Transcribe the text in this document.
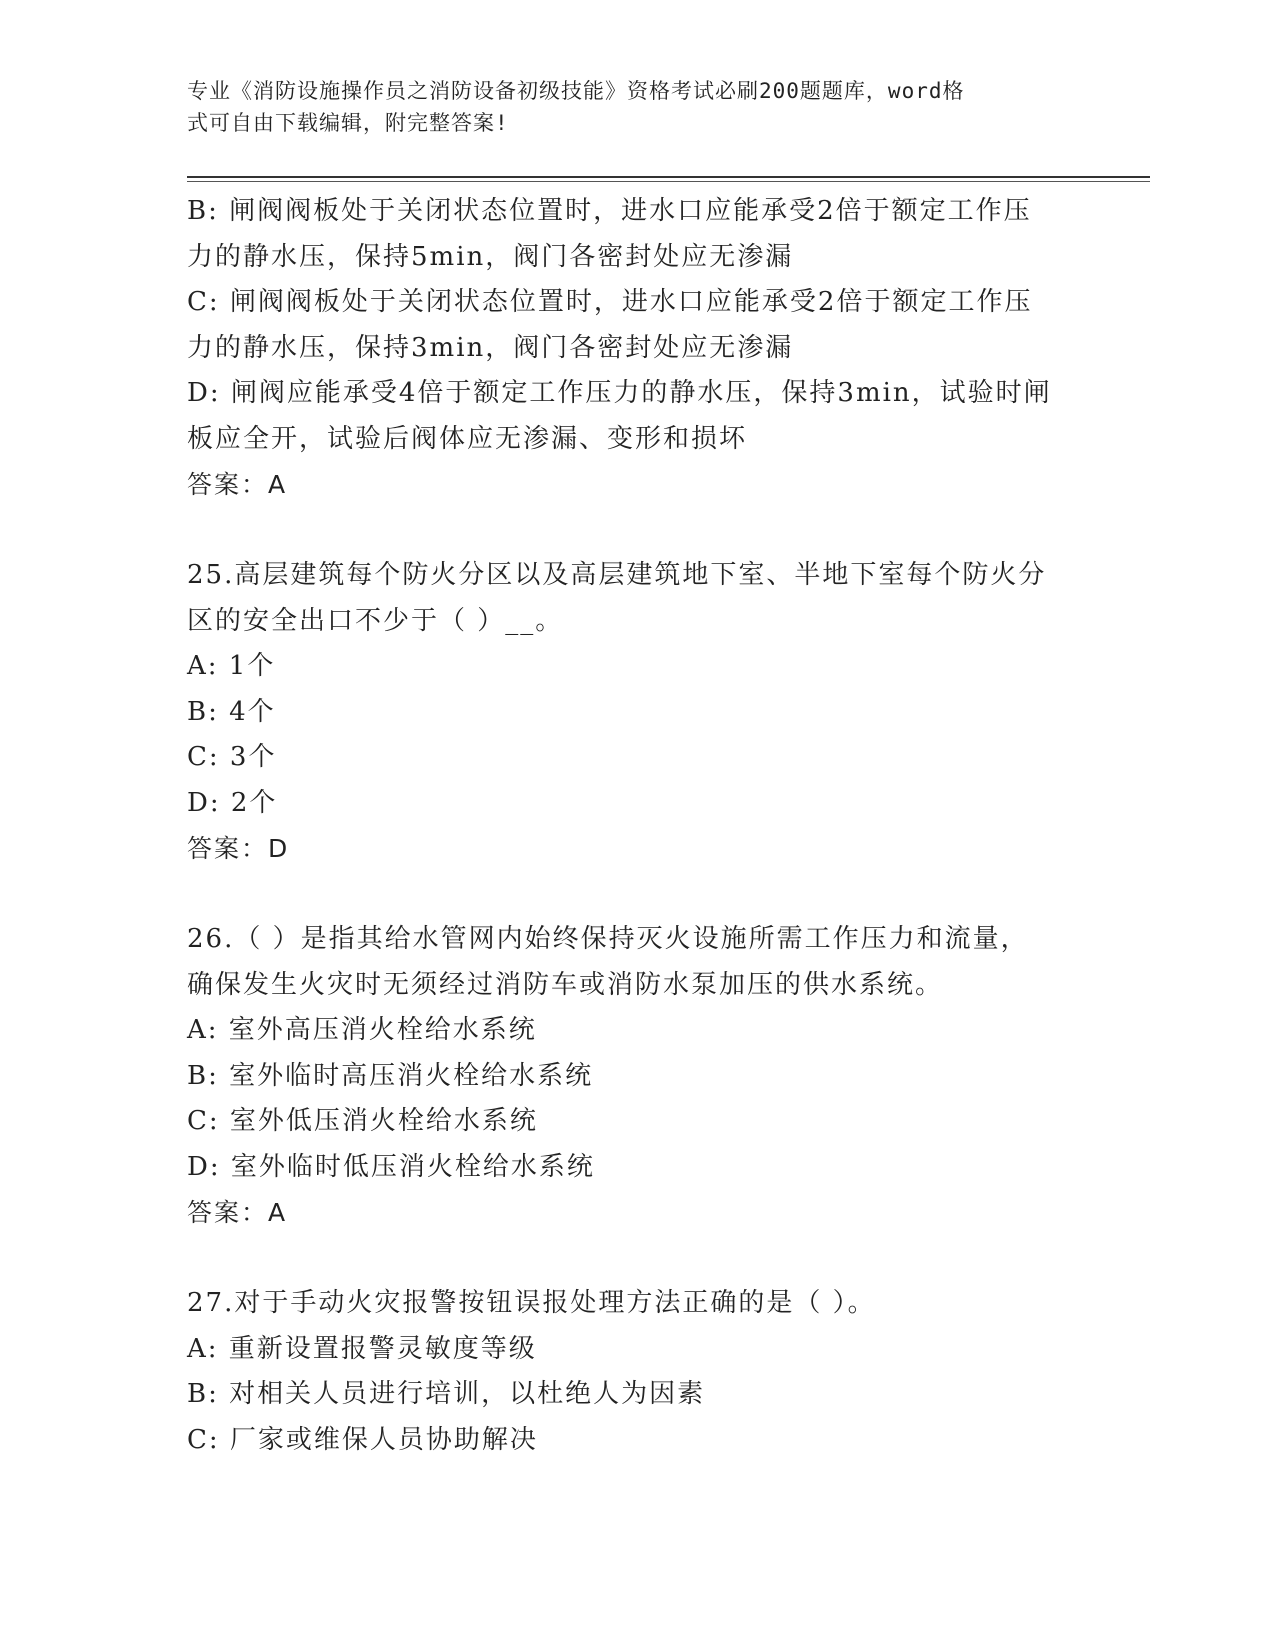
专业《消防设施操作员之消防设备初级技能》资格考试必刷200题题库，word格
式可自由下载编辑，附完整答案!
B: 闸阀阀板处于关闭状态位置时，进水口应能承受2倍于额定工作压
力的静水压，保持5min，阀门各密封处应无渗漏
C: 闸阀阀板处于关闭状态位置时，进水口应能承受2倍于额定工作压
力的静水压，保持3min，阀门各密封处应无渗漏
D: 闸阀应能承受4倍于额定工作压力的静水压，保持3min，试验时闸
板应全开，试验后阀体应无渗漏、变形和损坏
答案：A
25.高层建筑每个防火分区以及高层建筑地下室、半地下室每个防火分
区的安全出口不少于（ ）__。
A: 1个
B: 4个
C: 3个
D: 2个
答案：D
26.（ ）是指其给水管网内始终保持灭火设施所需工作压力和流量，
确保发生火灾时无须经过消防车或消防水泵加压的供水系统。
A: 室外高压消火栓给水系统
B: 室外临时高压消火栓给水系统
C: 室外低压消火栓给水系统
D: 室外临时低压消火栓给水系统
答案：A
27.对于手动火灾报警按钮误报处理方法正确的是（ ）。
A: 重新设置报警灵敏度等级
B: 对相关人员进行培训，以杜绝人为因素
C: 厂家或维保人员协助解决
